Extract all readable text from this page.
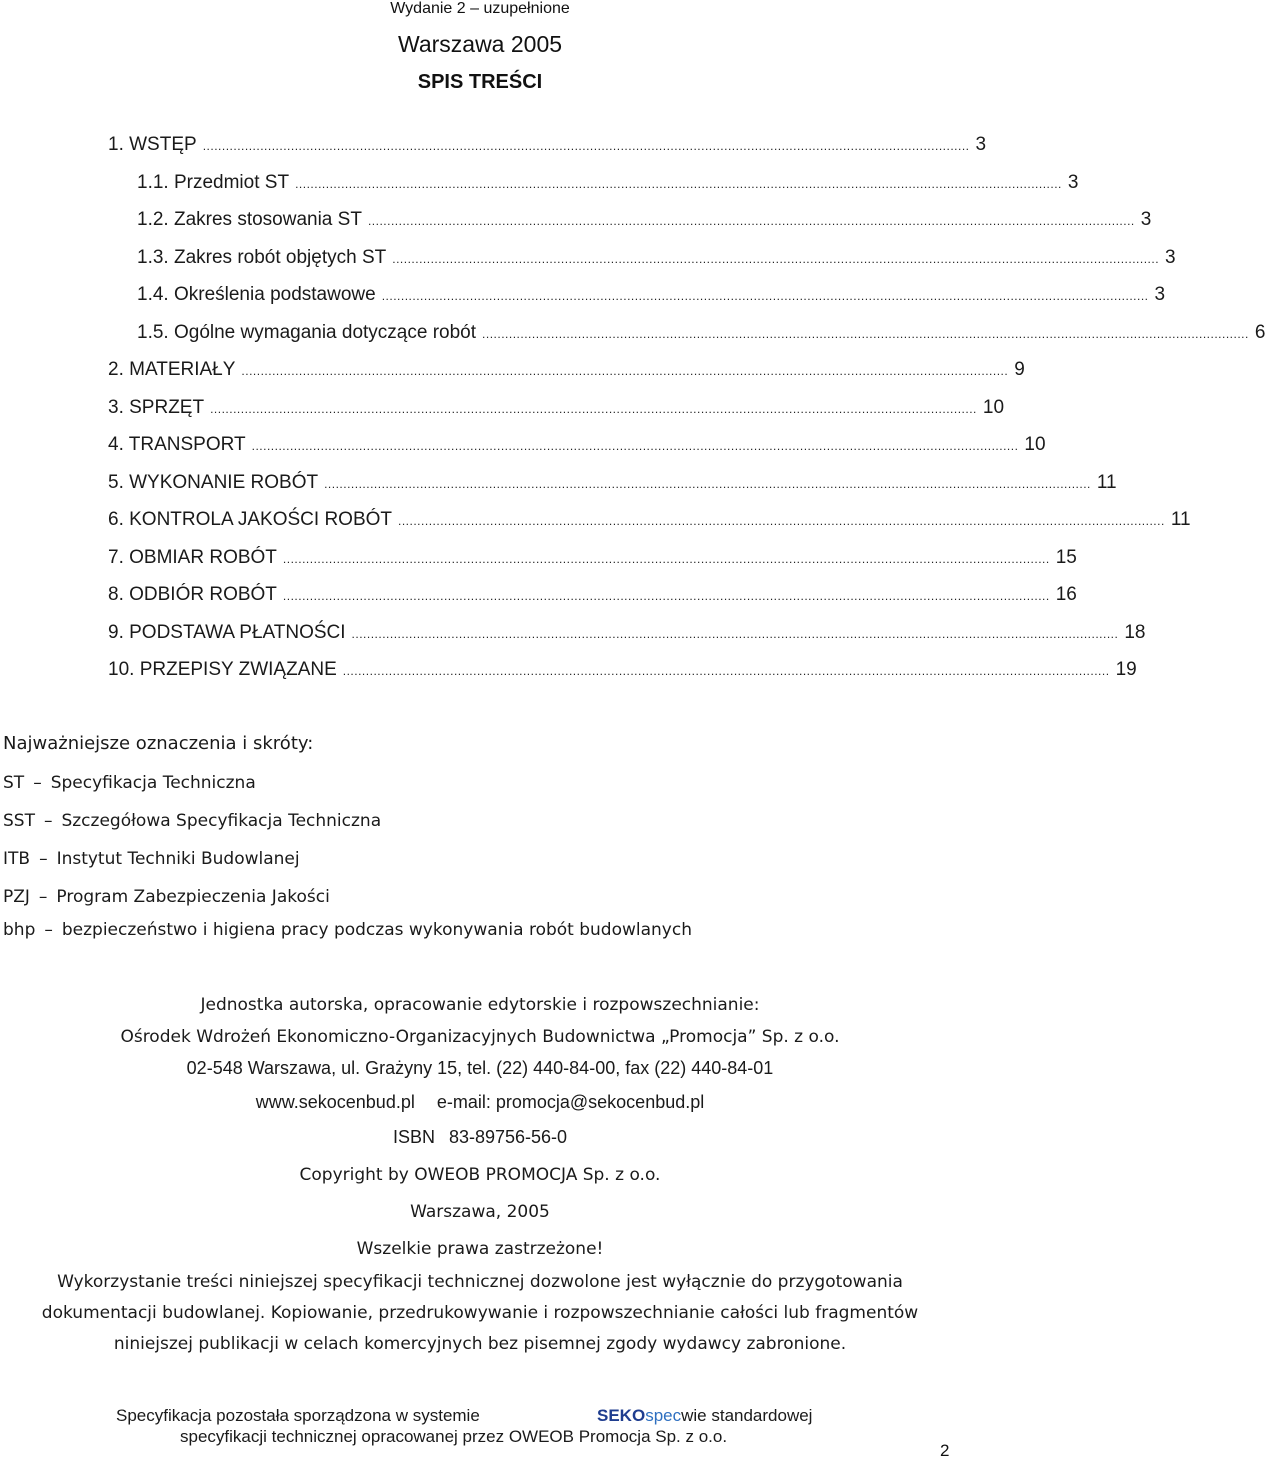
Wydanie 2 – uzupełnione
Warszawa 2005
SPIS TREŚCI
1. WSTĘP ........................................................................................................................................................................................................ 3
1.1. Przedmiot ST ........................................................................................................................................................................................................ 3
1.2. Zakres stosowania ST ........................................................................................................................................................................................................ 3
1.3. Zakres robót objętych ST ........................................................................................................................................................................................................ 3
1.4. Określenia podstawowe ........................................................................................................................................................................................................ 3
1.5. Ogólne wymagania dotyczące robót ........................................................................................................................................................................................................ 6
2. MATERIAŁY ........................................................................................................................................................................................................ 9
3. SPRZĘT ........................................................................................................................................................................................................ 10
4. TRANSPORT ........................................................................................................................................................................................................ 10
5. WYKONANIE ROBÓT ........................................................................................................................................................................................................ 11
6. KONTROLA JAKOŚCI ROBÓT ........................................................................................................................................................................................................ 11
7. OBMIAR ROBÓT ........................................................................................................................................................................................................ 15
8. ODBIÓR ROBÓT ........................................................................................................................................................................................................ 16
9. PODSTAWA PŁATNOŚCI ........................................................................................................................................................................................................ 18
10. PRZEPISY ZWIĄZANE ........................................................................................................................................................................................................ 19
Najważniejsze oznaczenia i skróty:
ST – Specyfikacja Techniczna
SST – Szczegółowa Specyfikacja Techniczna
ITB – Instytut Techniki Budowlanej
PZJ – Program Zabezpieczenia Jakości
bhp – bezpieczeństwo i higiena pracy podczas wykonywania robót budowlanych
Jednostka autorska, opracowanie edytorskie i rozpowszechnianie:
Ośrodek Wdrożeń Ekonomiczno-Organizacyjnych Budownictwa „Promocja” Sp. z o.o.
02-548 Warszawa, ul. Grażyny 15, tel. (22) 440-84-00, fax (22) 440-84-01
www.sekocenbud.pl e-mail: promocja@sekocenbud.pl
ISBN 83-89756-56-0
Copyright by OWEOB PROMOCJA Sp. z o.o.
Warszawa, 2005
Wszelkie prawa zastrzeżone!
Wykorzystanie treści niniejszej specyfikacji technicznej dozwolone jest wyłącznie do przygotowania dokumentacji budowlanej. Kopiowanie, przedrukowywanie i rozpowszechnianie całości lub fragmentów niniejszej publikacji w celach komercyjnych bez pisemnej zgody wydawcy zabronione.
Specyfikacja pozostała sporządzona w systemie	SEKOspecwie standardowej
specyfikacji technicznej opracowanej przez OWEOB Promocja Sp. z o.o.
2
